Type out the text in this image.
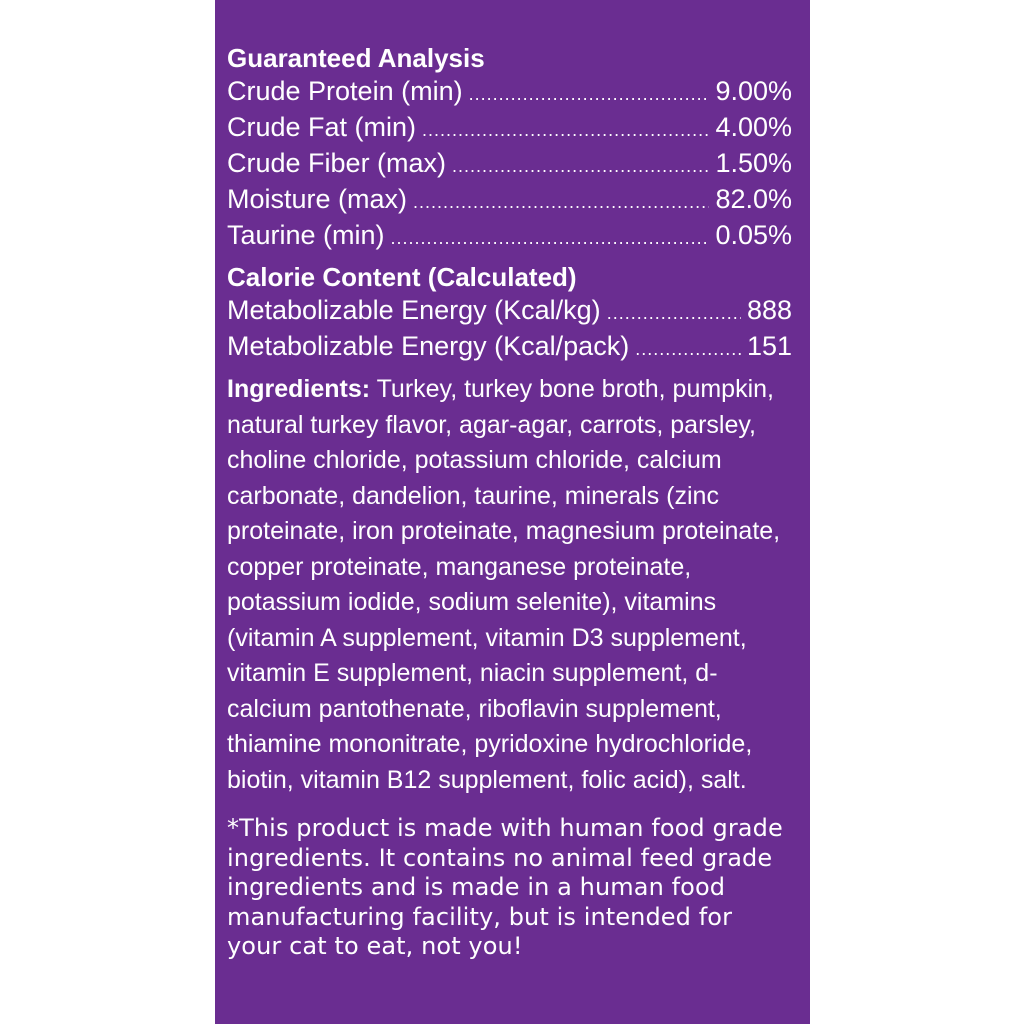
Guaranteed Analysis
Crude Protein (min) .....	9.00%
Crude Fat (min) .....	4.00%
Crude Fiber (max) .....	1.50%
Moisture (max) .....	82.0%
Taurine (min) .....	0.05%
Calorie Content (Calculated)
Metabolizable Energy (Kcal/kg) .....	888
Metabolizable Energy (Kcal/pack) .....	151

Ingredients: Turkey, turkey bone broth, pumpkin, natural turkey flavor, agar-agar, carrots, parsley, choline chloride, potassium chloride, calcium carbonate, dandelion, taurine, minerals (zinc proteinate, iron proteinate, magnesium proteinate, copper proteinate, manganese proteinate, potassium iodide, sodium selenite), vitamins (vitamin A supplement, vitamin D3 supplement, vitamin E supplement, niacin supplement, d-calcium pantothenate, riboflavin supplement, thiamine mononitrate, pyridoxine hydrochloride, biotin, vitamin B12 supplement, folic acid), salt.

*This product is made with human food grade ingredients. It contains no animal feed grade ingredients and is made in a human food manufacturing facility, but is intended for your cat to eat, not you!
